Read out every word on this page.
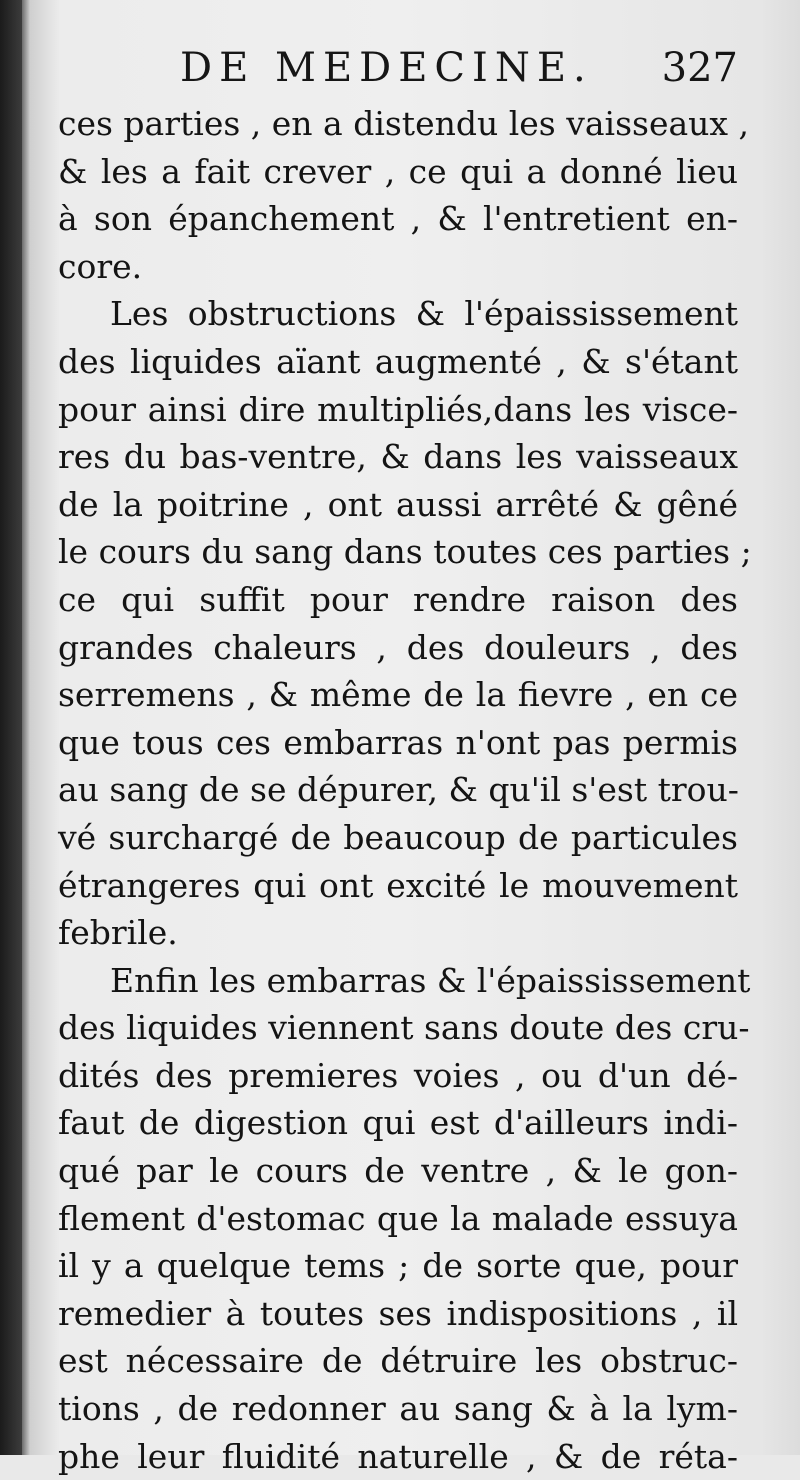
DE MEDECINE. 327
ces parties , en a distendu les vaisseaux ,
& les a fait crever , ce qui a donné lieu
à son épanchement , & l'entretient en-
core.
Les obstructions & l'épaississement
des liquides aïant augmenté , & s'étant
pour ainsi dire multipliés,dans les visce-
res du bas-ventre, & dans les vaisseaux
de la poitrine , ont aussi arrêté & gêné
le cours du sang dans toutes ces parties ;
ce qui suffit pour rendre raison des
grandes chaleurs , des douleurs , des
serremens , & même de la fievre , en ce
que tous ces embarras n'ont pas permis
au sang de se dépurer, & qu'il s'est trou-
vé surchargé de beaucoup de particules
étrangeres qui ont excité le mouvement
febrile.
Enfin les embarras & l'épaississement
des liquides viennent sans doute des cru-
dités des premieres voies , ou d'un dé-
faut de digestion qui est d'ailleurs indi-
qué par le cours de ventre , & le gon-
flement d'estomac que la malade essuya
il y a quelque tems ; de sorte que, pour
remedier à toutes ses indispositions , il
est nécessaire de détruire les obstruc-
tions , de redonner au sang & à la lym-
phe leur fluidité naturelle , & de réta-
